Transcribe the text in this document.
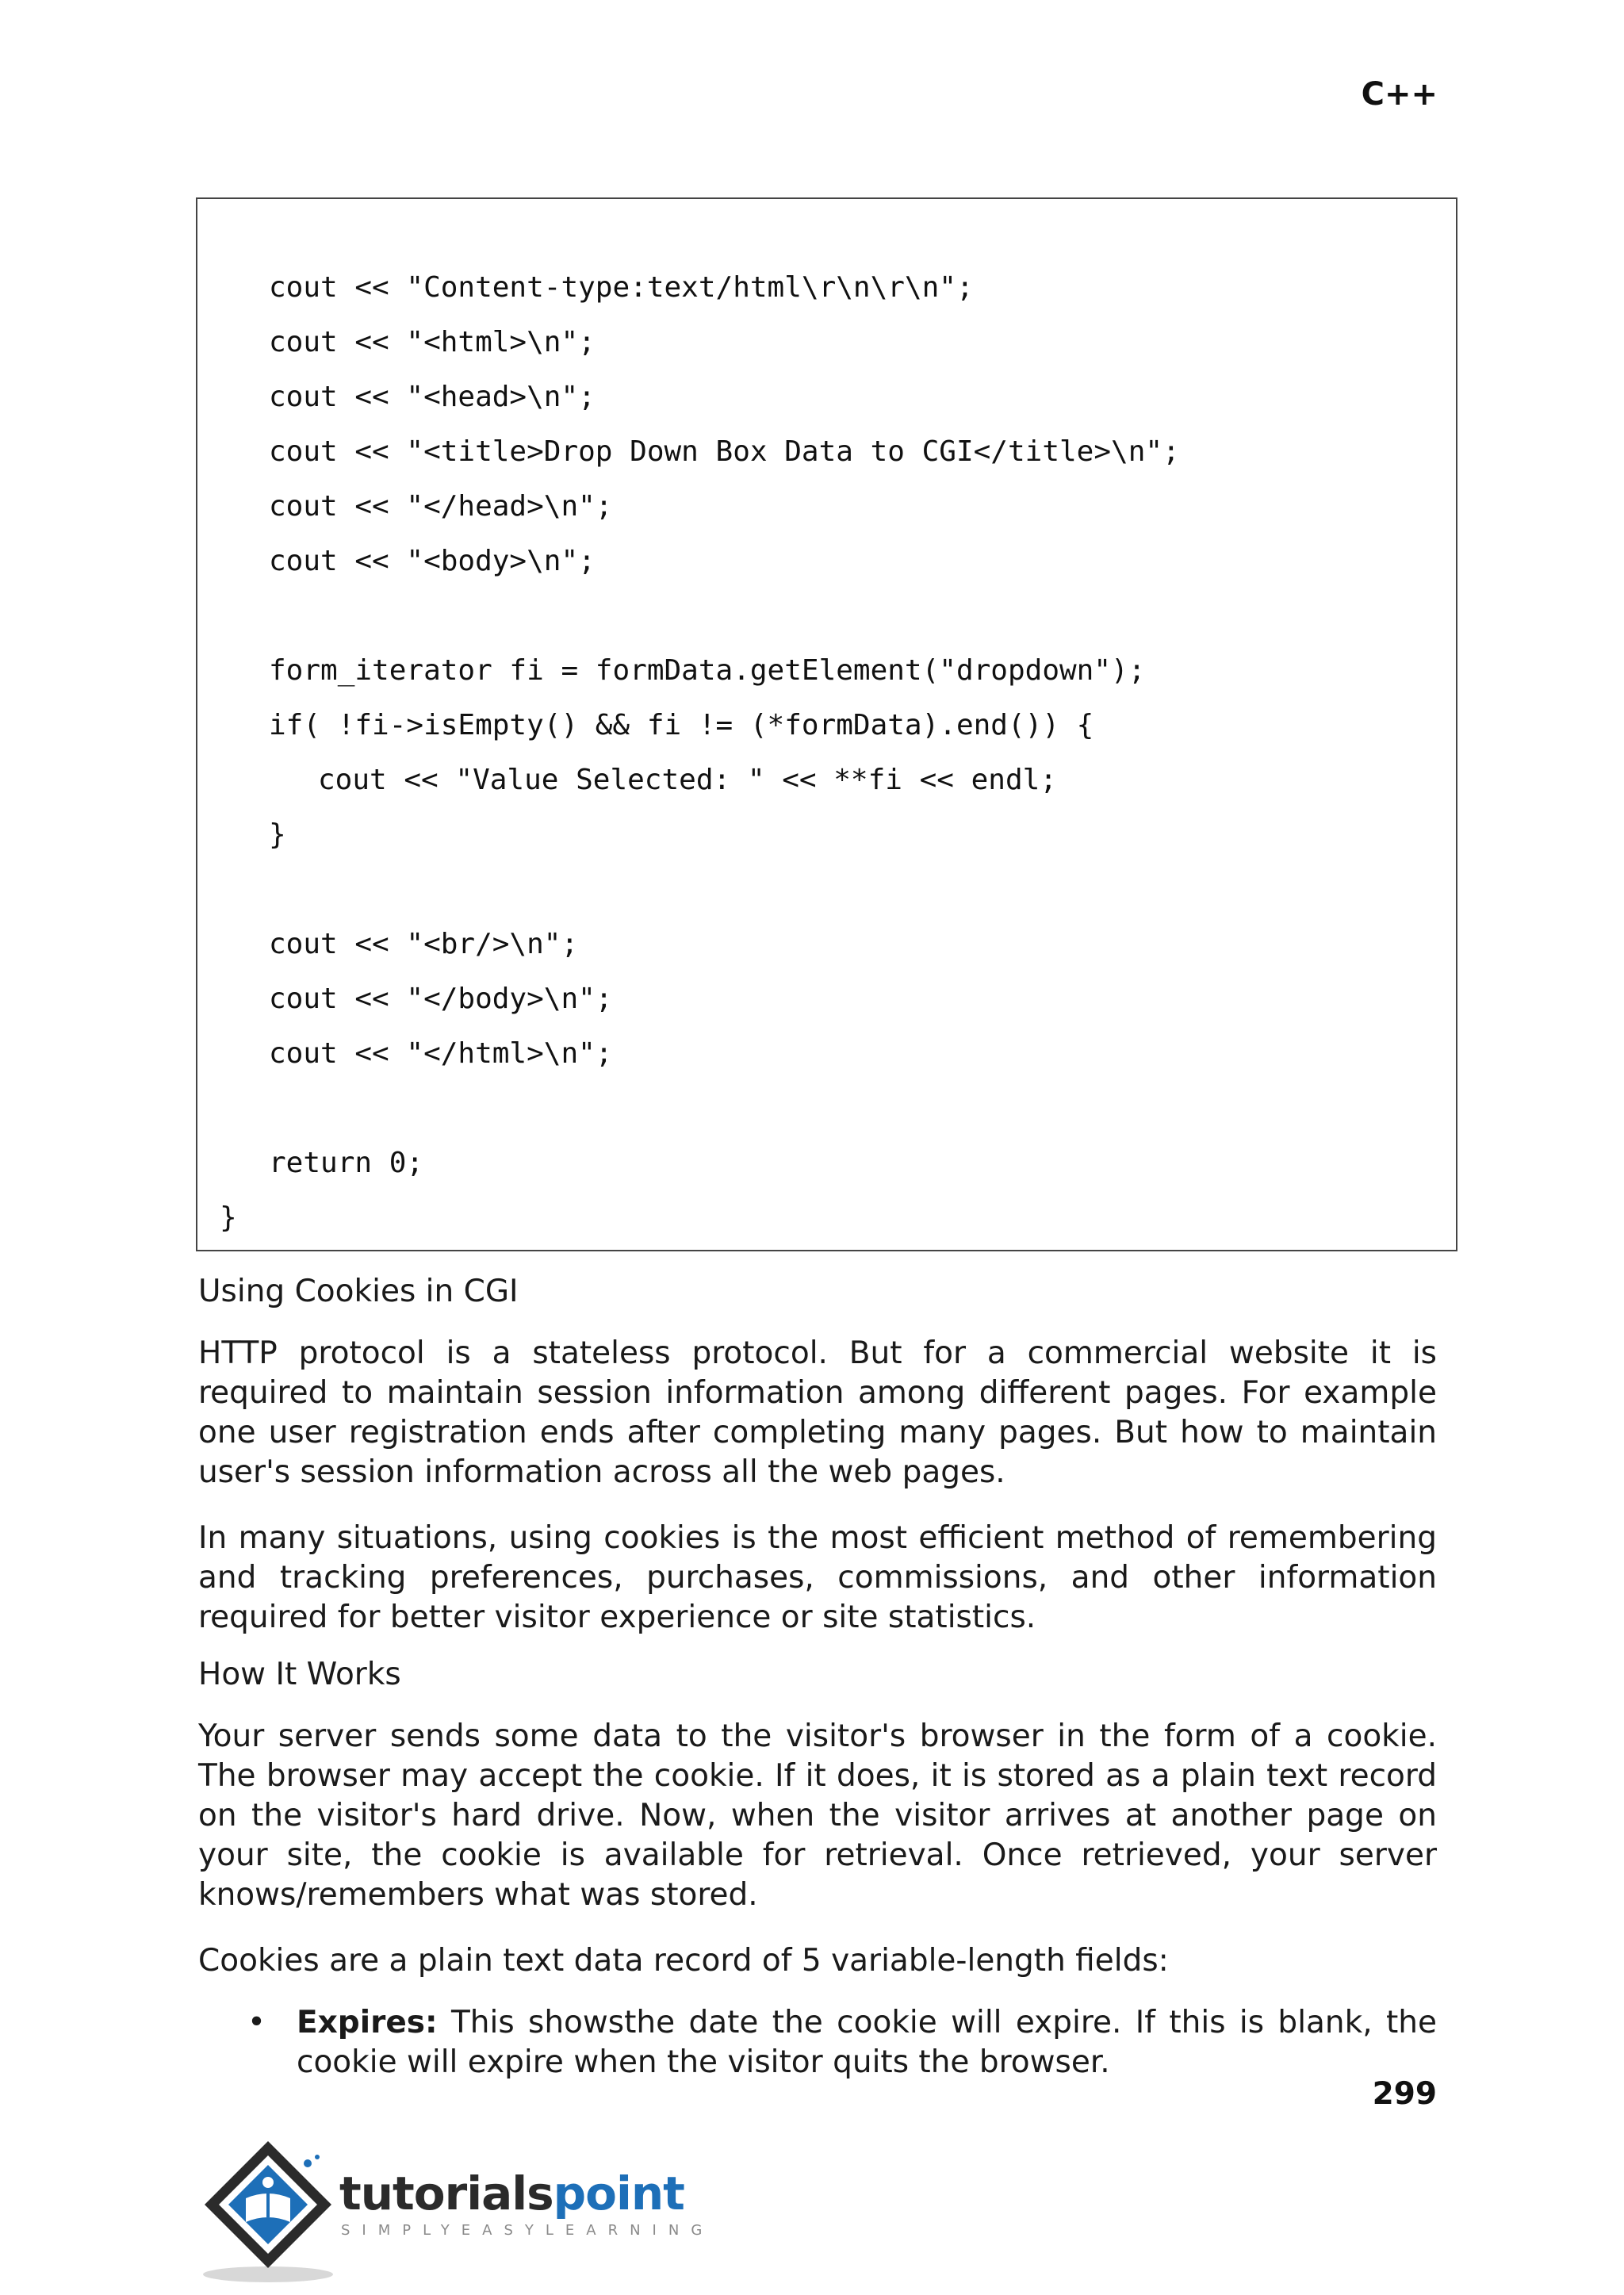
C++
cout << "Content-type:text/html\r\n\r\n";
cout << "<html>\n";
cout << "<head>\n";
cout << "<title>Drop Down Box Data to CGI</title>\n";
cout << "</head>\n";
cout << "<body>\n";
form_iterator fi = formData.getElement("dropdown");
if( !fi->isEmpty() && fi != (*formData).end()) {
cout << "Value Selected: " << **fi << endl;
}
cout << "<br/>\n";
cout << "</body>\n";
cout << "</html>\n";
return 0;
}
Using Cookies in CGI
HTTP protocol is a stateless protocol. But for a commercial website it is required to maintain session information among different pages. For example one user registration ends after completing many pages. But how to maintain user's session information across all the web pages.
In many situations, using cookies is the most efficient method of remembering and tracking preferences, purchases, commissions, and other information required for better visitor experience or site statistics.
How It Works
Your server sends some data to the visitor's browser in the form of a cookie. The browser may accept the cookie. If it does, it is stored as a plain text record on the visitor's hard drive. Now, when the visitor arrives at another page on your site, the cookie is available for retrieval. Once retrieved, your server knows/remembers what was stored.
Cookies are a plain text data record of 5 variable-length fields:
• Expires: This showsthe date the cookie will expire. If this is blank, the cookie will expire when the visitor quits the browser.
299
tutorialspoint
SIMPLYEASYLEARNING
